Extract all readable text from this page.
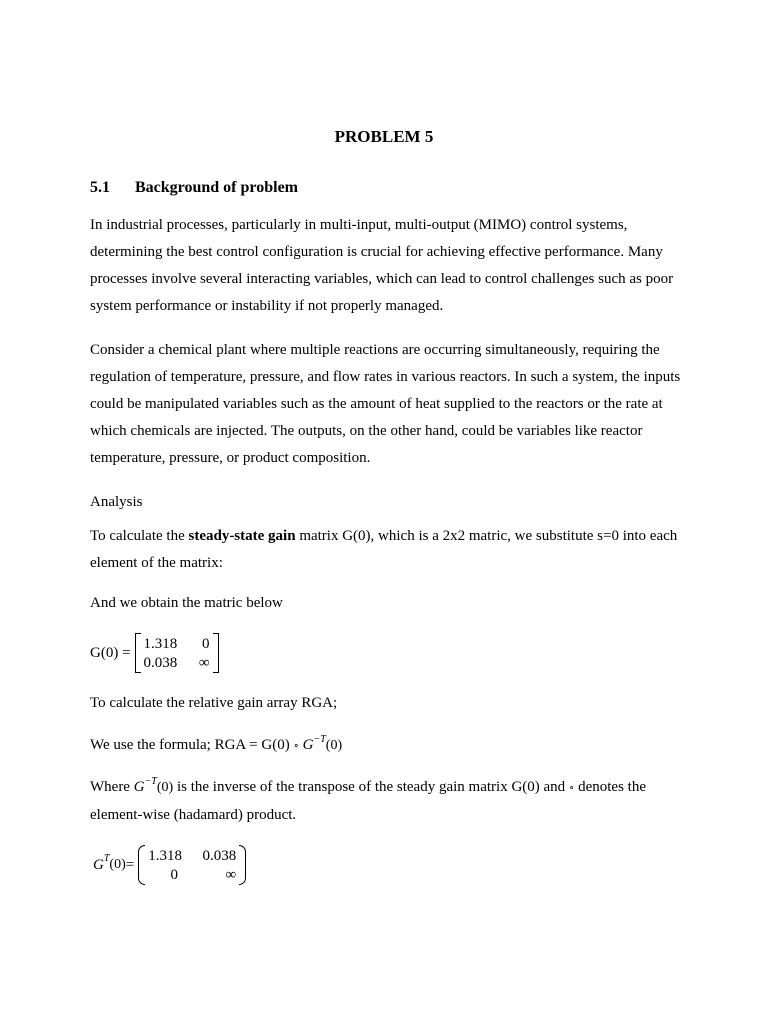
PROBLEM 5
5.1 Background of problem
In industrial processes, particularly in multi-input, multi-output (MIMO) control systems, determining the best control configuration is crucial for achieving effective performance. Many processes involve several interacting variables, which can lead to control challenges such as poor system performance or instability if not properly managed.
Consider a chemical plant where multiple reactions are occurring simultaneously, requiring the regulation of temperature, pressure, and flow rates in various reactors. In such a system, the inputs could be manipulated variables such as the amount of heat supplied to the reactors or the rate at which chemicals are injected. The outputs, on the other hand, could be variables like reactor temperature, pressure, or product composition.
Analysis
To calculate the steady-state gain matrix G(0), which is a 2x2 matric, we substitute s=0 into each element of the matrix:
And we obtain the matric below
G(0) =
1.318	0
0.038	∞
To calculate the relative gain array RGA;
We use the formula; RGA = G(0) ∘ $G^{-T}(0)$
Where $G^{-T}(0)$ is the inverse of the transpose of the steady gain matrix G(0) and ∘ denotes the element-wise (hadamard) product.
G T (0) =
1.318	0.038
0	∞
